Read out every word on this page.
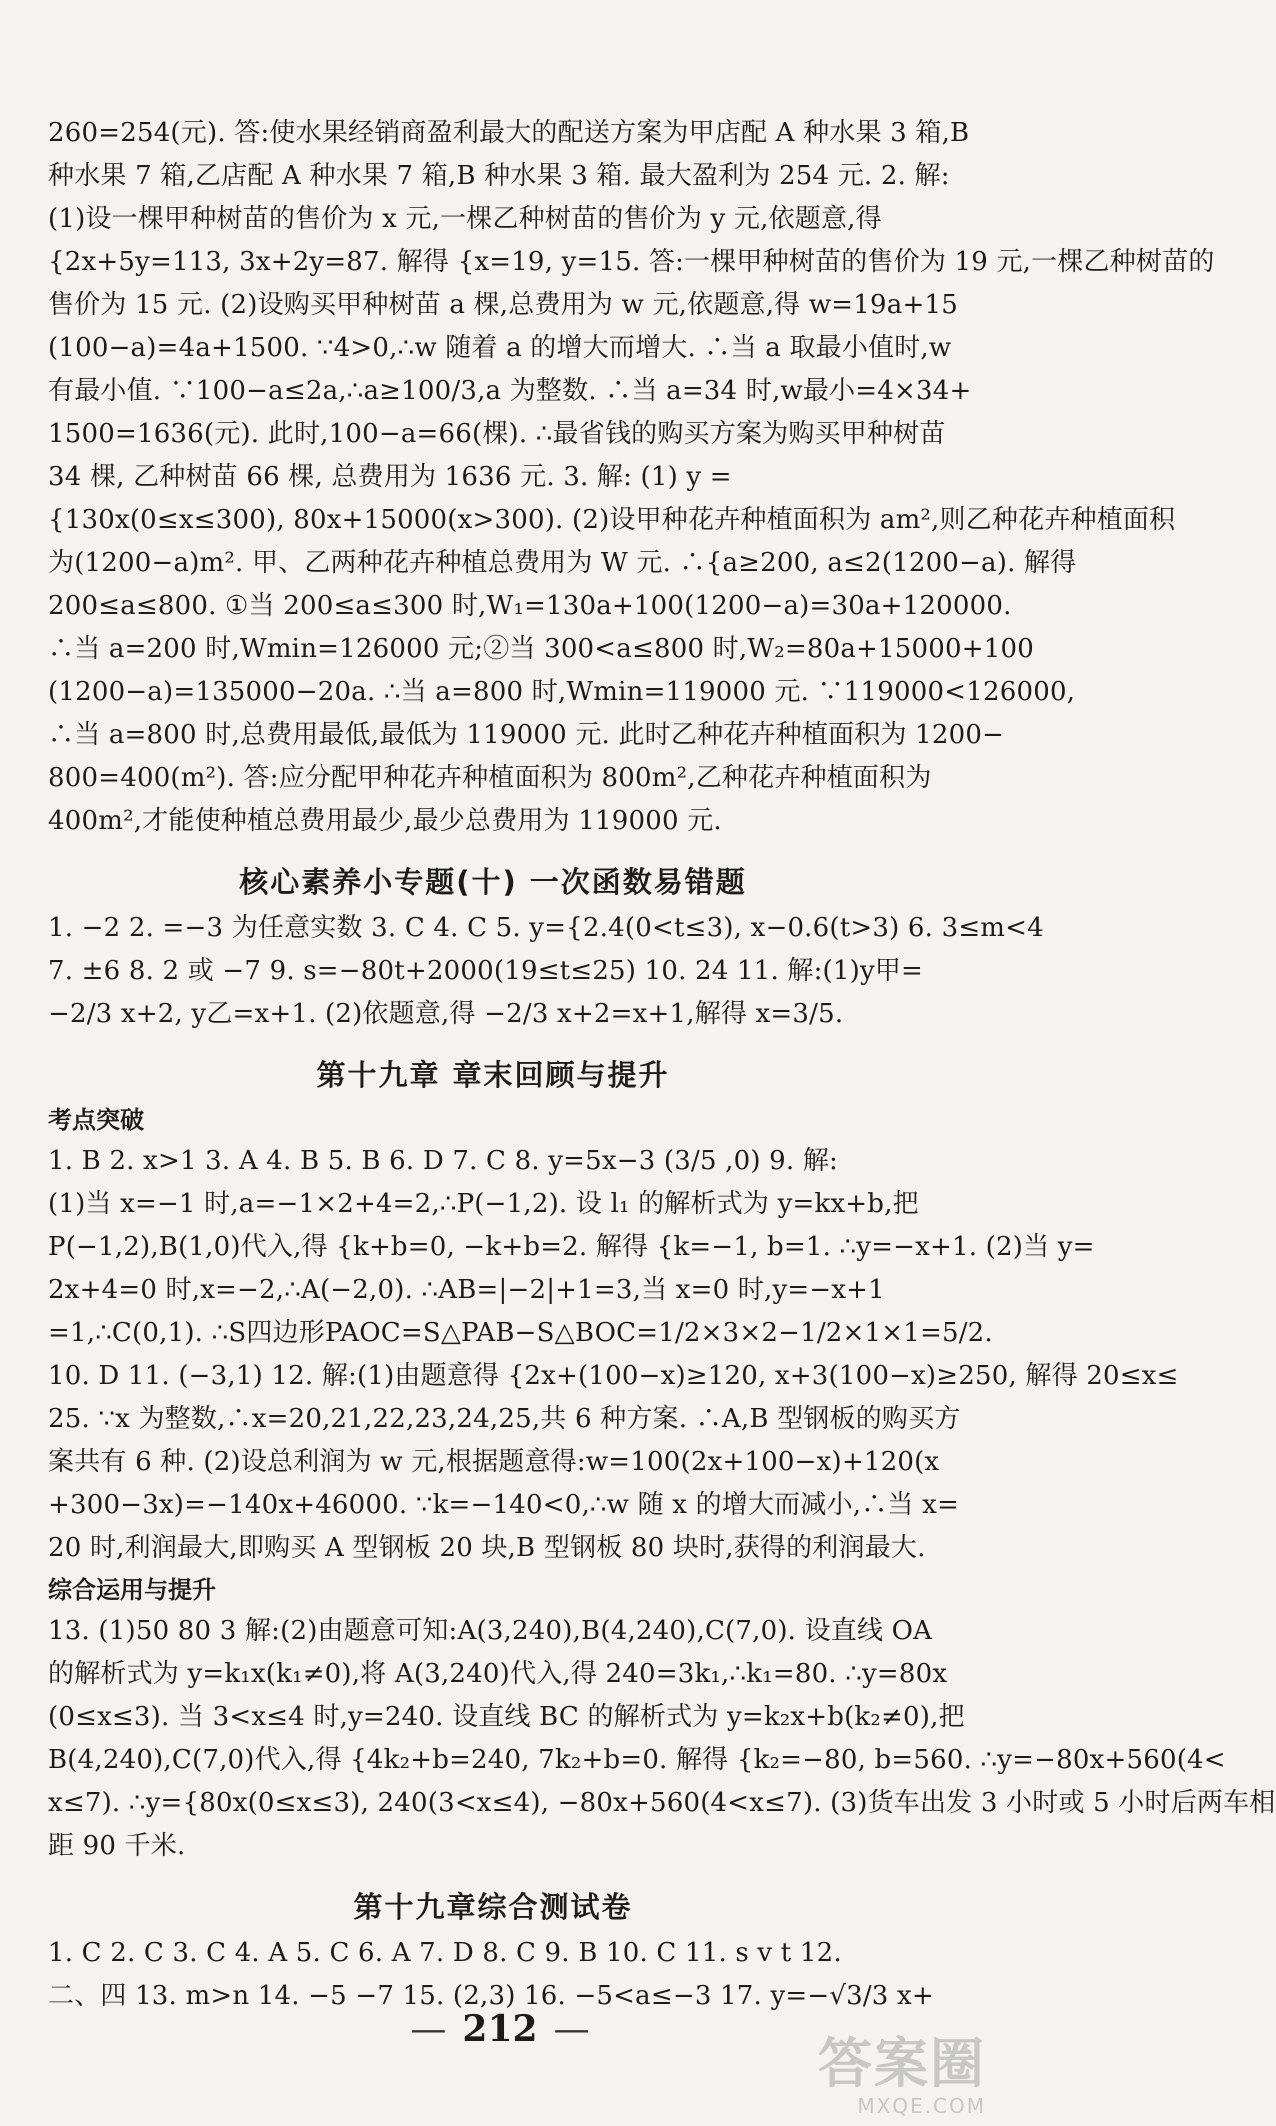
260=254(元). 答:使水果经销商盈利最大的配送方案为甲店配 A 种水果 3 箱,B
种水果 7 箱,乙店配 A 种水果 7 箱,B 种水果 3 箱. 最大盈利为 254 元. 2. 解:
(1)设一棵甲种树苗的售价为 x 元,一棵乙种树苗的售价为 y 元,依题意,得
{2x+5y=113, 3x+2y=87. 解得 {x=19, y=15. 答:一棵甲种树苗的售价为 19 元,一棵乙种树苗的
售价为 15 元. (2)设购买甲种树苗 a 棵,总费用为 w 元,依题意,得 w=19a+15
(100−a)=4a+1500. ∵4>0,∴w 随着 a 的增大而增大. ∴当 a 取最小值时,w
有最小值. ∵100−a≤2a,∴a≥100/3,a 为整数. ∴当 a=34 时,w最小=4×34+
1500=1636(元). 此时,100−a=66(棵). ∴最省钱的购买方案为购买甲种树苗
34 棵, 乙种树苗 66 棵, 总费用为 1636 元. 3. 解: (1) y =
{130x(0≤x≤300), 80x+15000(x>300). (2)设甲种花卉种植面积为 am²,则乙种花卉种植面积
为(1200−a)m². 甲、乙两种花卉种植总费用为 W 元. ∴{a≥200, a≤2(1200−a). 解得
200≤a≤800. ①当 200≤a≤300 时,W₁=130a+100(1200−a)=30a+120000.
∴当 a=200 时,Wmin=126000 元;②当 300<a≤800 时,W₂=80a+15000+100
(1200−a)=135000−20a. ∴当 a=800 时,Wmin=119000 元. ∵119000<126000,
∴当 a=800 时,总费用最低,最低为 119000 元. 此时乙种花卉种植面积为 1200−
800=400(m²). 答:应分配甲种花卉种植面积为 800m²,乙种花卉种植面积为
400m²,才能使种植总费用最少,最少总费用为 119000 元.
核心素养小专题(十) 一次函数易错题
1. −2 2. =−3 为任意实数 3. C 4. C 5. y={2.4(0<t≤3), x−0.6(t>3) 6. 3≤m<4
7. ±6 8. 2 或 −7 9. s=−80t+2000(19≤t≤25) 10. 24 11. 解:(1)y甲=
−2/3 x+2, y乙=x+1. (2)依题意,得 −2/3 x+2=x+1,解得 x=3/5.
第十九章 章末回顾与提升
考点突破
1. B 2. x>1 3. A 4. B 5. B 6. D 7. C 8. y=5x−3 (3/5 ,0) 9. 解:
(1)当 x=−1 时,a=−1×2+4=2,∴P(−1,2). 设 l₁ 的解析式为 y=kx+b,把
P(−1,2),B(1,0)代入,得 {k+b=0, −k+b=2. 解得 {k=−1, b=1. ∴y=−x+1. (2)当 y=
2x+4=0 时,x=−2,∴A(−2,0). ∴AB=|−2|+1=3,当 x=0 时,y=−x+1
=1,∴C(0,1). ∴S四边形PAOC=S△PAB−S△BOC=1/2×3×2−1/2×1×1=5/2.
10. D 11. (−3,1) 12. 解:(1)由题意得 {2x+(100−x)≥120, x+3(100−x)≥250, 解得 20≤x≤
25. ∵x 为整数,∴x=20,21,22,23,24,25,共 6 种方案. ∴A,B 型钢板的购买方
案共有 6 种. (2)设总利润为 w 元,根据题意得:w=100(2x+100−x)+120(x
+300−3x)=−140x+46000. ∵k=−140<0,∴w 随 x 的增大而减小,∴当 x=
20 时,利润最大,即购买 A 型钢板 20 块,B 型钢板 80 块时,获得的利润最大.
综合运用与提升
13. (1)50 80 3 解:(2)由题意可知:A(3,240),B(4,240),C(7,0). 设直线 OA
的解析式为 y=k₁x(k₁≠0),将 A(3,240)代入,得 240=3k₁,∴k₁=80. ∴y=80x
(0≤x≤3). 当 3<x≤4 时,y=240. 设直线 BC 的解析式为 y=k₂x+b(k₂≠0),把
B(4,240),C(7,0)代入,得 {4k₂+b=240, 7k₂+b=0. 解得 {k₂=−80, b=560. ∴y=−80x+560(4<
x≤7). ∴y={80x(0≤x≤3), 240(3<x≤4), −80x+560(4<x≤7). (3)货车出发 3 小时或 5 小时后两车相
距 90 千米.
第十九章综合测试卷
1. C 2. C 3. C 4. A 5. C 6. A 7. D 8. C 9. B 10. C 11. s v t 12.
二、四 13. m>n 14. −5 −7 15. (2,3) 16. −5<a≤−3 17. y=−√3/3 x+
— 212 —
答案圈
MXQE.COM
